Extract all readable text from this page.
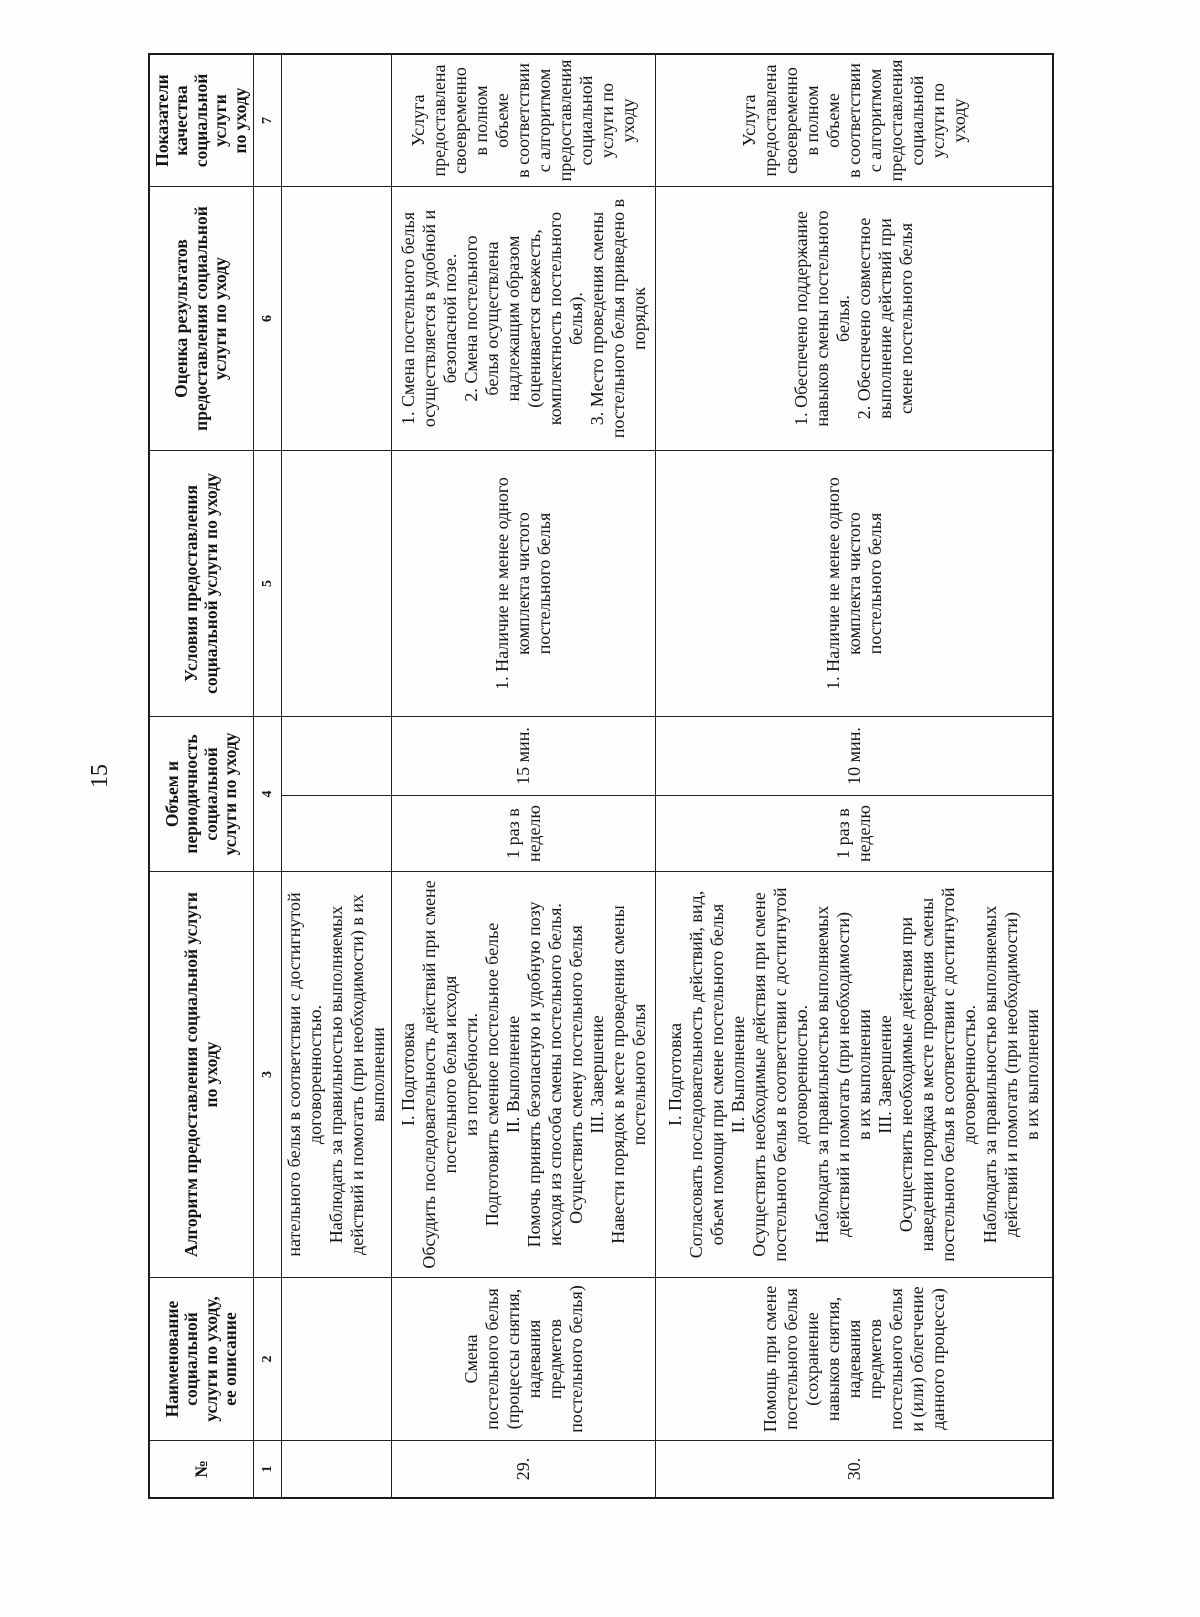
15
№
Наименование
социальной
услуги по уходу,
ее описание
Алгоритм предоставления социальной услуги
по уходу
Объем и
периодичность
социальной
услуги по уходу
Условия предоставления
социальной услуги по уходу
Оценка результатов
предоставления социальной
услуги по уходу
Показатели
качества
социальной
услуги
по уходу
1
2
3
4
5
6
7
нательного белья в соответствии с достигнутой
договоренностью.
Наблюдать за правильностью выполняемых
действий и помогать (при необходимости) в их
выполнении
29.
Смена
постельного белья
(процессы снятия,
надевания
предметов
постельного белья)
I. Подготовка
Обсудить последовательность действий при смене
постельного белья исходя
из потребности.
Подготовить сменное постельное белье
II. Выполнение
Помочь принять безопасную и удобную позу
исходя из способа смены постельного белья.
Осуществить смену постельного белья
III. Завершение
Навести порядок в месте проведения смены
постельного белья
1 раз в
неделю
15 мин.
1. Наличие не менее одного
комплекта чистого
постельного белья
1. Смена постельного белья
осуществляется в удобной и
безопасной позе.
2. Смена постельного
белья осуществлена
надлежащим образом
(оценивается свежесть,
комплектность постельного
белья).
3. Место проведения смены
постельного белья приведено в
порядок
Услуга
предоставлена
своевременно
в полном
объеме
в соответствии
с алгоритмом
предоставления
социальной
услуги по
уходу
30.
Помощь при смене
постельного белья
(сохранение
навыков снятия,
надевания
предметов
постельного белья
и (или) облегчение
данного процесса)
I. Подготовка
Согласовать последовательность действий, вид,
объем помощи при смене постельного белья
II. Выполнение
Осуществить необходимые действия при смене
постельного белья в соответствии с достигнутой
договоренностью.
Наблюдать за правильностью выполняемых
действий и помогать (при необходимости)
в их выполнении
III. Завершение
Осуществить необходимые действия при
наведении порядка в месте проведения смены
постельного белья в соответствии с достигнутой
договоренностью.
Наблюдать за правильностью выполняемых
действий и помогать (при необходимости)
в их выполнении
1 раз в
неделю
10 мин.
1. Наличие не менее одного
комплекта чистого
постельного белья
1. Обеспечено поддержание
навыков смены постельного
белья.
2. Обеспечено совместное
выполнение действий при
смене постельного белья
Услуга
предоставлена
своевременно
в полном
объеме
в соответствии
с алгоритмом
предоставления
социальной
услуги по
уходу
